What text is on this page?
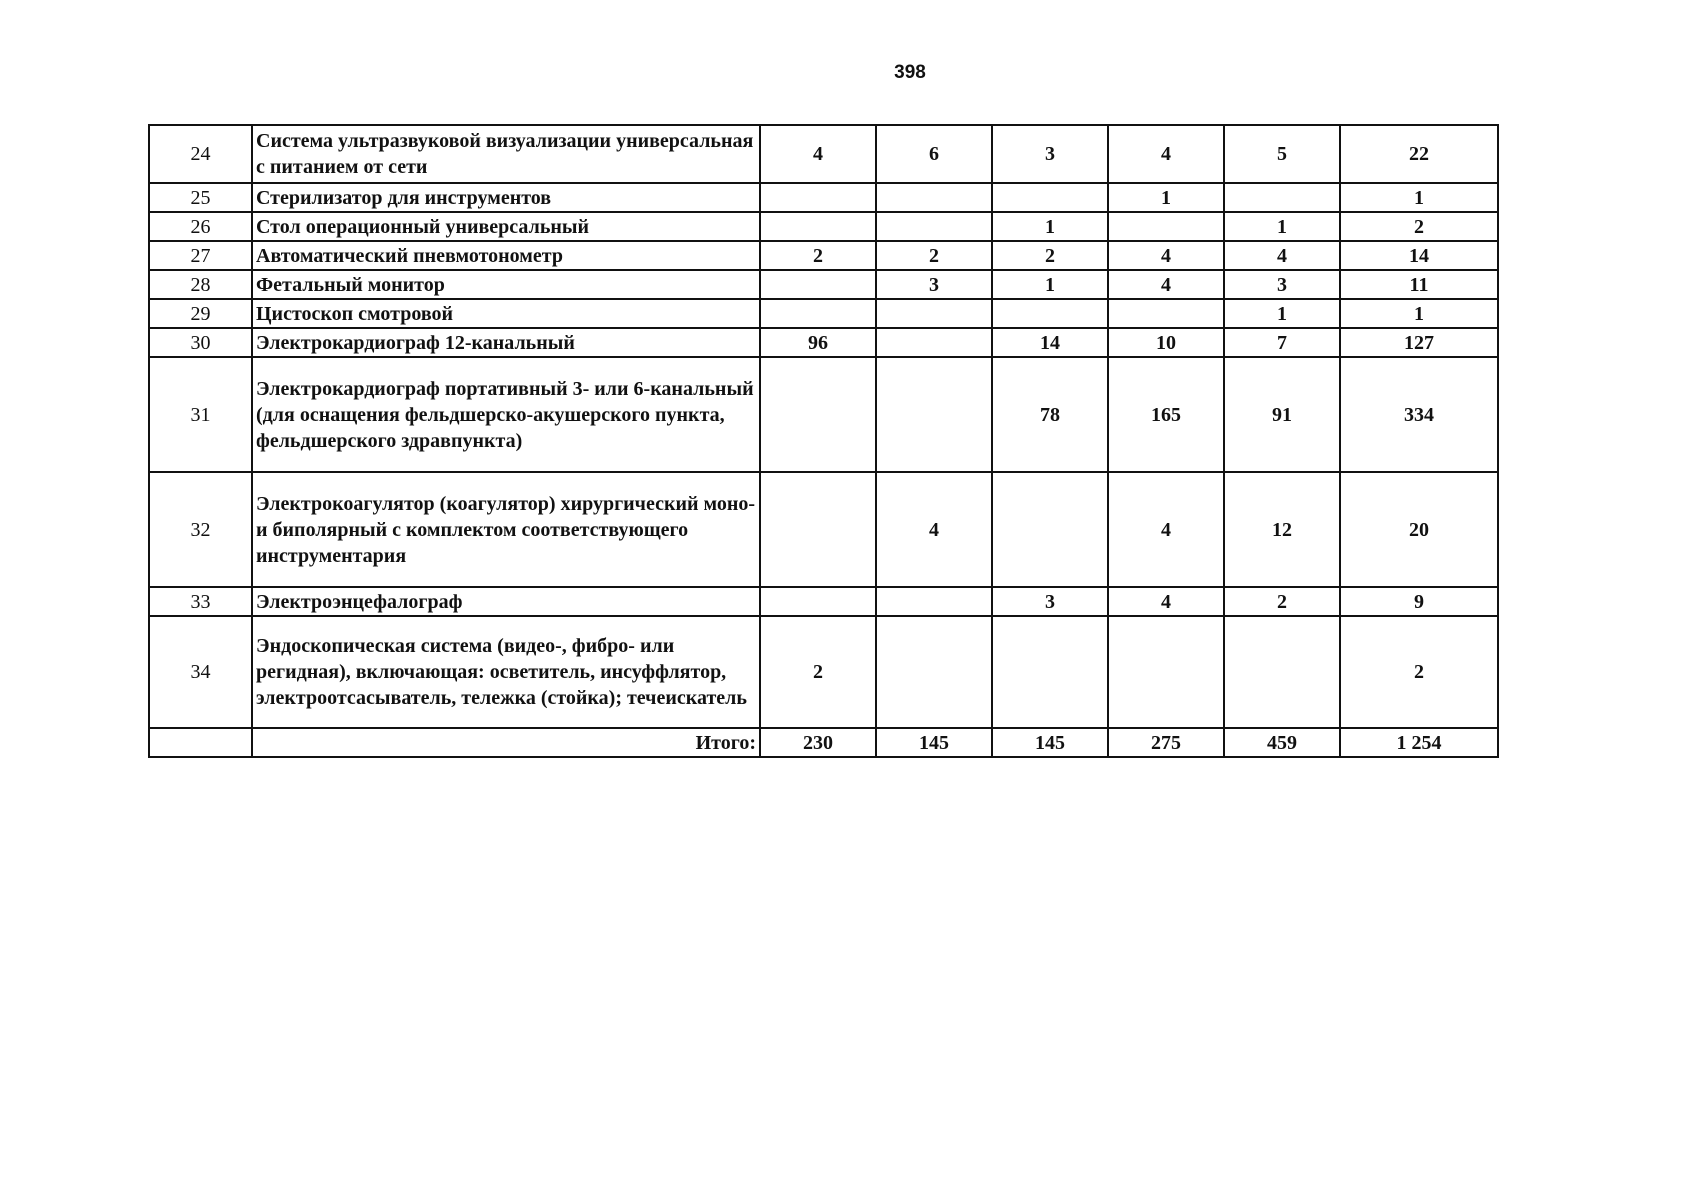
398
24	Система ультразвуковой визуализации универсальная с питанием от сети	4	6	3	4	5	22
25	Стерилизатор для инструментов				1		1
26	Стол операционный универсальный			1		1	2
27	Автоматический пневмотонометр	2	2	2	4	4	14
28	Фетальный монитор		3	1	4	3	11
29	Цистоскоп смотровой					1	1
30	Электрокардиограф 12-канальный	96		14	10	7	127
31	Электрокардиограф портативный 3- или 6-канальный (для оснащения фельдшерско-акушерского пункта, фельдшерского здравпункта)			78	165	91	334
32	Электрокоагулятор (коагулятор) хирургический моно- и биполярный с комплектом соответствующего инструментария		4		4	12	20
33	Электроэнцефалограф			3	4	2	9
34	Эндоскопическая система (видео-, фибро- или регидная), включающая: осветитель, инсуффлятор, электроотсасыватель, тележка (стойка); течеискатель	2					2
	Итого:	230	145	145	275	459	1 254
